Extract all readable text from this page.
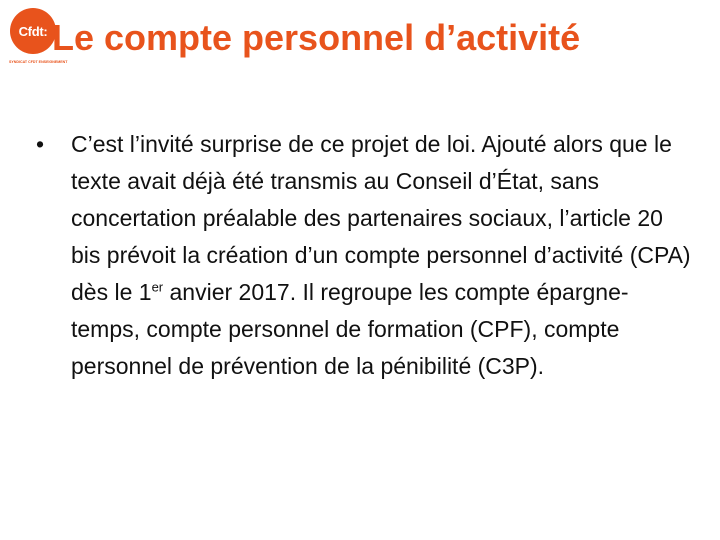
Cfdt:
SYNDICAT CFDT ENSEIGNEMENT
Le compte personnel d’activité
•	C’est l’invité surprise de ce projet de loi. Ajouté alors que le texte avait déjà été transmis au Conseil d’État, sans concertation préalable des partenaires sociaux, l’article 20 bis prévoit la création d’un compte personnel d’activité (CPA) dès le 1er anvier 2017. Il regroupe les compte épargne-temps, compte personnel de formation (CPF), compte personnel de prévention de la pénibilité (C3P).
